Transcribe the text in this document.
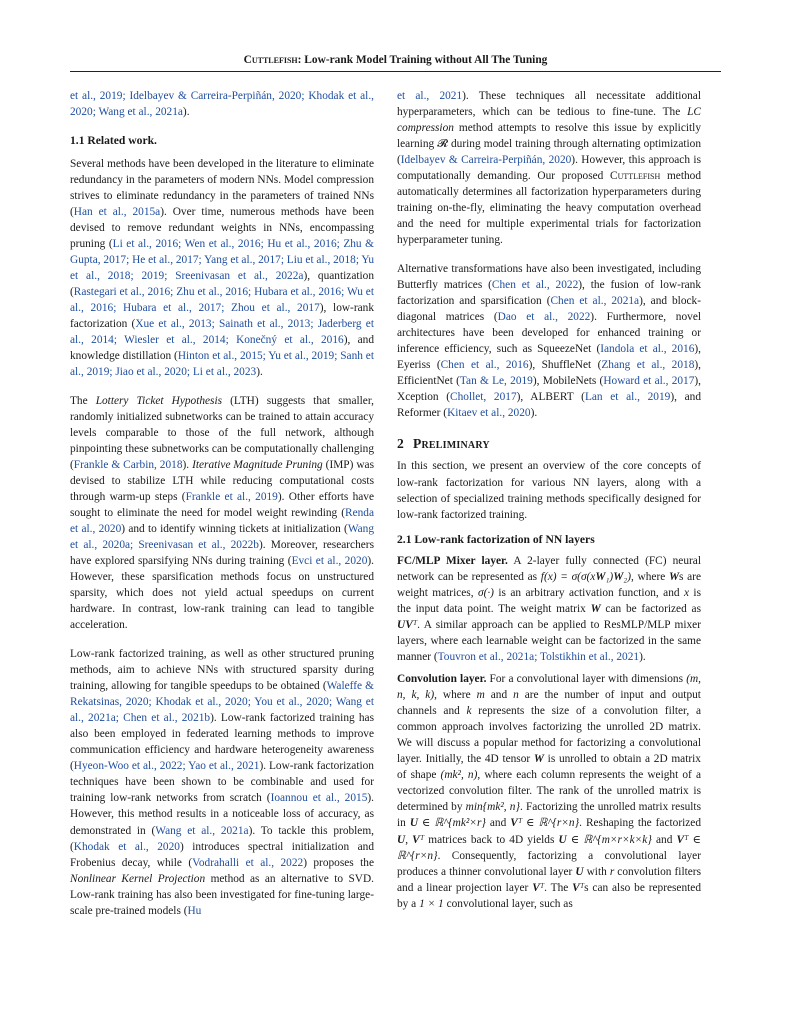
Cuttlefish: Low-rank Model Training without All The Tuning

et al., 2019; Idelbayev & Carreira-Perpiñán, 2020; Khodak et al., 2020; Wang et al., 2021a).

1.1 Related work.

Several methods have been developed in the literature to eliminate redundancy in the parameters of modern NNs. Model compression strives to eliminate redundancy in the parameters of trained NNs (Han et al., 2015a). Over time, numerous methods have been devised to remove redundant weights in NNs, encompassing pruning (Li et al., 2016; Wen et al., 2016; Hu et al., 2016; Zhu & Gupta, 2017; He et al., 2017; Yang et al., 2017; Liu et al., 2018; Yu et al., 2018; 2019; Sreenivasan et al., 2022a), quantization (Rastegari et al., 2016; Zhu et al., 2016; Hubara et al., 2016; Wu et al., 2016; Hubara et al., 2017; Zhou et al., 2017), low-rank factorization (Xue et al., 2013; Sainath et al., 2013; Jaderberg et al., 2014; Wiesler et al., 2014; Konečný et al., 2016), and knowledge distillation (Hinton et al., 2015; Yu et al., 2019; Sanh et al., 2019; Jiao et al., 2020; Li et al., 2023).

The Lottery Ticket Hypothesis (LTH) suggests that smaller, randomly initialized subnetworks can be trained to attain accuracy levels comparable to those of the full network, although pinpointing these subnetworks can be computationally challenging (Frankle & Carbin, 2018). Iterative Magnitude Pruning (IMP) was devised to stabilize LTH while reducing computational costs through warm-up steps (Frankle et al., 2019). Other efforts have sought to eliminate the need for model weight rewinding (Renda et al., 2020) and to identify winning tickets at initialization (Wang et al., 2020a; Sreenivasan et al., 2022b). Moreover, researchers have explored sparsifying NNs during training (Evci et al., 2020). However, these sparsification methods focus on unstructured sparsity, which does not yield actual speedups on current hardware. In contrast, low-rank training can lead to tangible acceleration.

Low-rank factorized training, as well as other structured pruning methods, aim to achieve NNs with structured sparsity during training, allowing for tangible speedups to be obtained (Waleffe & Rekatsinas, 2020; Khodak et al., 2020; You et al., 2020; Wang et al., 2021a; Chen et al., 2021b). Low-rank factorized training has also been employed in federated learning methods to improve communication efficiency and hardware heterogeneity awareness (Hyeon-Woo et al., 2022; Yao et al., 2021). Low-rank factorization techniques have been shown to be combinable and used for training low-rank networks from scratch (Ioannou et al., 2015). However, this method results in a noticeable loss of accuracy, as demonstrated in (Wang et al., 2021a). To tackle this problem, (Khodak et al., 2020) introduces spectral initialization and Frobenius decay, while (Vodrahalli et al., 2022) proposes the Nonlinear Kernel Projection method as an alternative to SVD. Low-rank training has also been investigated for fine-tuning large-scale pre-trained models (Hu

et al., 2021). These techniques all necessitate additional hyperparameters, which can be tedious to fine-tune. The LC compression method attempts to resolve this issue by explicitly learning 𝓡 during model training through alternating optimization (Idelbayev & Carreira-Perpiñán, 2020). However, this approach is computationally demanding. Our proposed Cuttlefish method automatically determines all factorization hyperparameters during training on-the-fly, eliminating the heavy computation overhead and the need for multiple experimental trials for factorization hyperparameter tuning.

Alternative transformations have also been investigated, including Butterfly matrices (Chen et al., 2022), the fusion of low-rank factorization and sparsification (Chen et al., 2021a), and block-diagonal matrices (Dao et al., 2022). Furthermore, novel architectures have been developed for enhanced training or inference efficiency, such as SqueezeNet (Iandola et al., 2016), Eyeriss (Chen et al., 2016), ShuffleNet (Zhang et al., 2018), EfficientNet (Tan & Le, 2019), MobileNets (Howard et al., 2017), Xception (Chollet, 2017), ALBERT (Lan et al., 2019), and Reformer (Kitaev et al., 2020).

2 Preliminary

In this section, we present an overview of the core concepts of low-rank factorization for various NN layers, along with a selection of specialized training methods specifically designed for low-rank factorized training.

2.1 Low-rank factorization of NN layers

FC/MLP Mixer layer. A 2-layer fully connected (FC) neural network can be represented as f(x) = σ(σ(xW₁)W₂), where Ws are weight matrices, σ(·) is an arbitrary activation function, and x is the input data point. The weight matrix W can be factorized as UVᵀ. A similar approach can be applied to ResMLP/MLP mixer layers, where each learnable weight can be factorized in the same manner (Touvron et al., 2021a; Tolstikhin et al., 2021).

Convolution layer. For a convolutional layer with dimensions (m, n, k, k), where m and n are the number of input and output channels and k represents the size of a convolution filter, a common approach involves factorizing the unrolled 2D matrix. We will discuss a popular method for factorizing a convolutional layer. Initially, the 4D tensor W is unrolled to obtain a 2D matrix of shape (mk², n), where each column represents the weight of a vectorized convolution filter. The rank of the unrolled matrix is determined by min{mk², n}. Factorizing the unrolled matrix results in U ∈ ℝ^{mk²×r} and Vᵀ ∈ ℝ^{r×n}. Reshaping the factorized U, Vᵀ matrices back to 4D yields U ∈ ℝ^{m×r×k×k} and Vᵀ ∈ ℝ^{r×n}. Consequently, factorizing a convolutional layer produces a thinner convolutional layer U with r convolution filters and a linear projection layer Vᵀ. The Vᵀs can also be represented by a 1 × 1 convolutional layer, such as
